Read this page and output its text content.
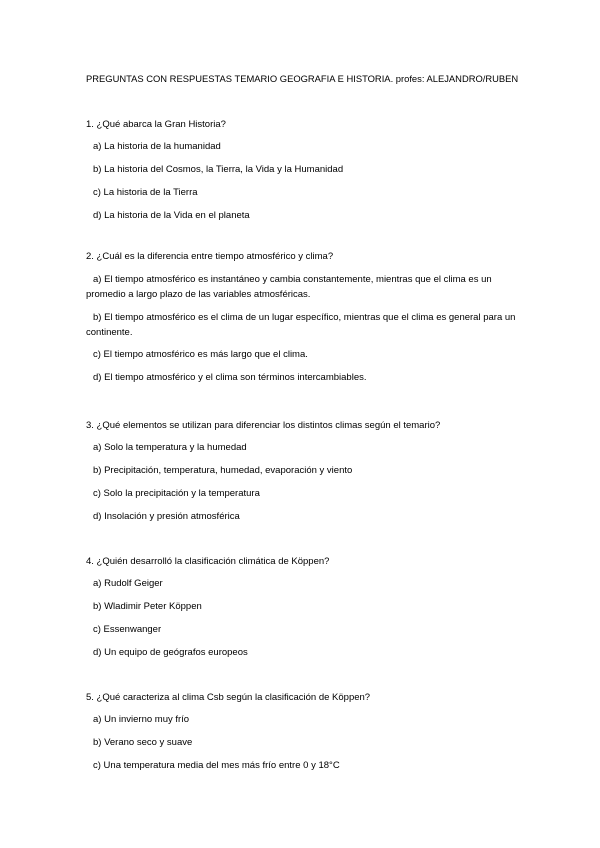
PREGUNTAS CON RESPUESTAS TEMARIO GEOGRAFIA E HISTORIA. profes: ALEJANDRO/RUBEN
1. ¿Qué abarca la Gran Historia?
a) La historia de la humanidad
b) La historia del Cosmos, la Tierra, la Vida y la Humanidad
c) La historia de la Tierra
d) La historia de la Vida en el planeta
2. ¿Cuál es la diferencia entre tiempo atmosférico y clima?
a) El tiempo atmosférico es instantáneo y cambia constantemente, mientras que el clima es un promedio a largo plazo de las variables atmosféricas.
b) El tiempo atmosférico es el clima de un lugar específico, mientras que el clima es general para un continente.
c) El tiempo atmosférico es más largo que el clima.
d) El tiempo atmosférico y el clima son términos intercambiables.
3. ¿Qué elementos se utilizan para diferenciar los distintos climas según el temario?
a) Solo la temperatura y la humedad
b) Precipitación, temperatura, humedad, evaporación y viento
c) Solo la precipitación y la temperatura
d) Insolación y presión atmosférica
4. ¿Quién desarrolló la clasificación climática de Köppen?
a) Rudolf Geiger
b) Wladimir Peter Köppen
c) Essenwanger
d) Un equipo de geógrafos europeos
5. ¿Qué caracteriza al clima Csb según la clasificación de Köppen?
a) Un invierno muy frío
b) Verano seco y suave
c) Una temperatura media del mes más frío entre 0 y 18°C
